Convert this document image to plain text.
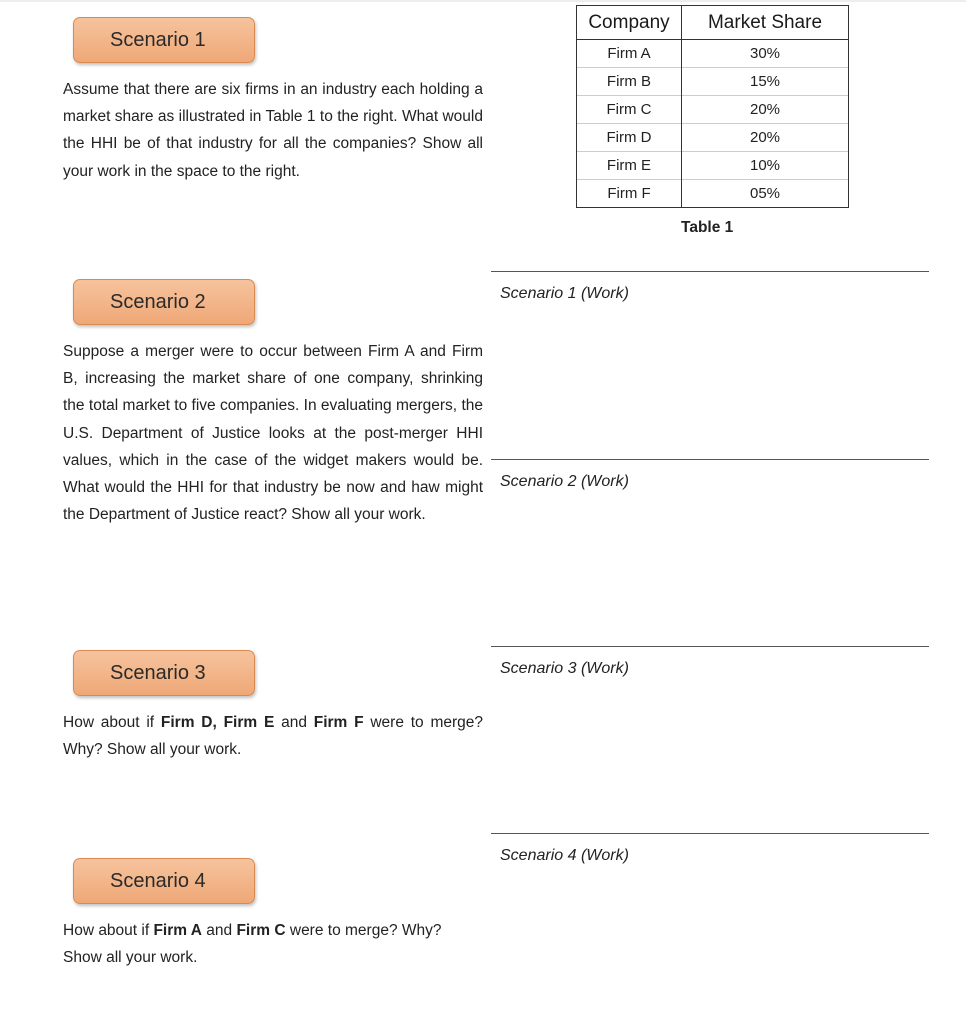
Scenario 1

Assume that there are six firms in an industry each holding a market share as illustrated in Table 1 to the right. What would the HHI be of that industry for all the companies? Show all your work in the space to the right.

Company	Market Share
Firm A	30%
Firm B	15%
Firm C	20%
Firm D	20%
Firm E	10%
Firm F	05%
Table 1
Scenario 1 (Work)
Scenario 2 (Work)
Scenario 3 (Work)
Scenario 4 (Work)
Scenario 2

Suppose a merger were to occur between Firm A and Firm B, increasing the market share of one company, shrinking the total market to five companies. In evaluating mergers, the U.S. Department of Justice looks at the post-merger HHI values, which in the case of the widget makers would be. What would the HHI for that industry be now and haw might the Department of Justice react? Show all your work.

Scenario 3

How about if Firm D, Firm E and Firm F were to merge? Why? Show all your work.

Scenario 4

How about if Firm A and Firm C were to merge? Why? Show all your work.
